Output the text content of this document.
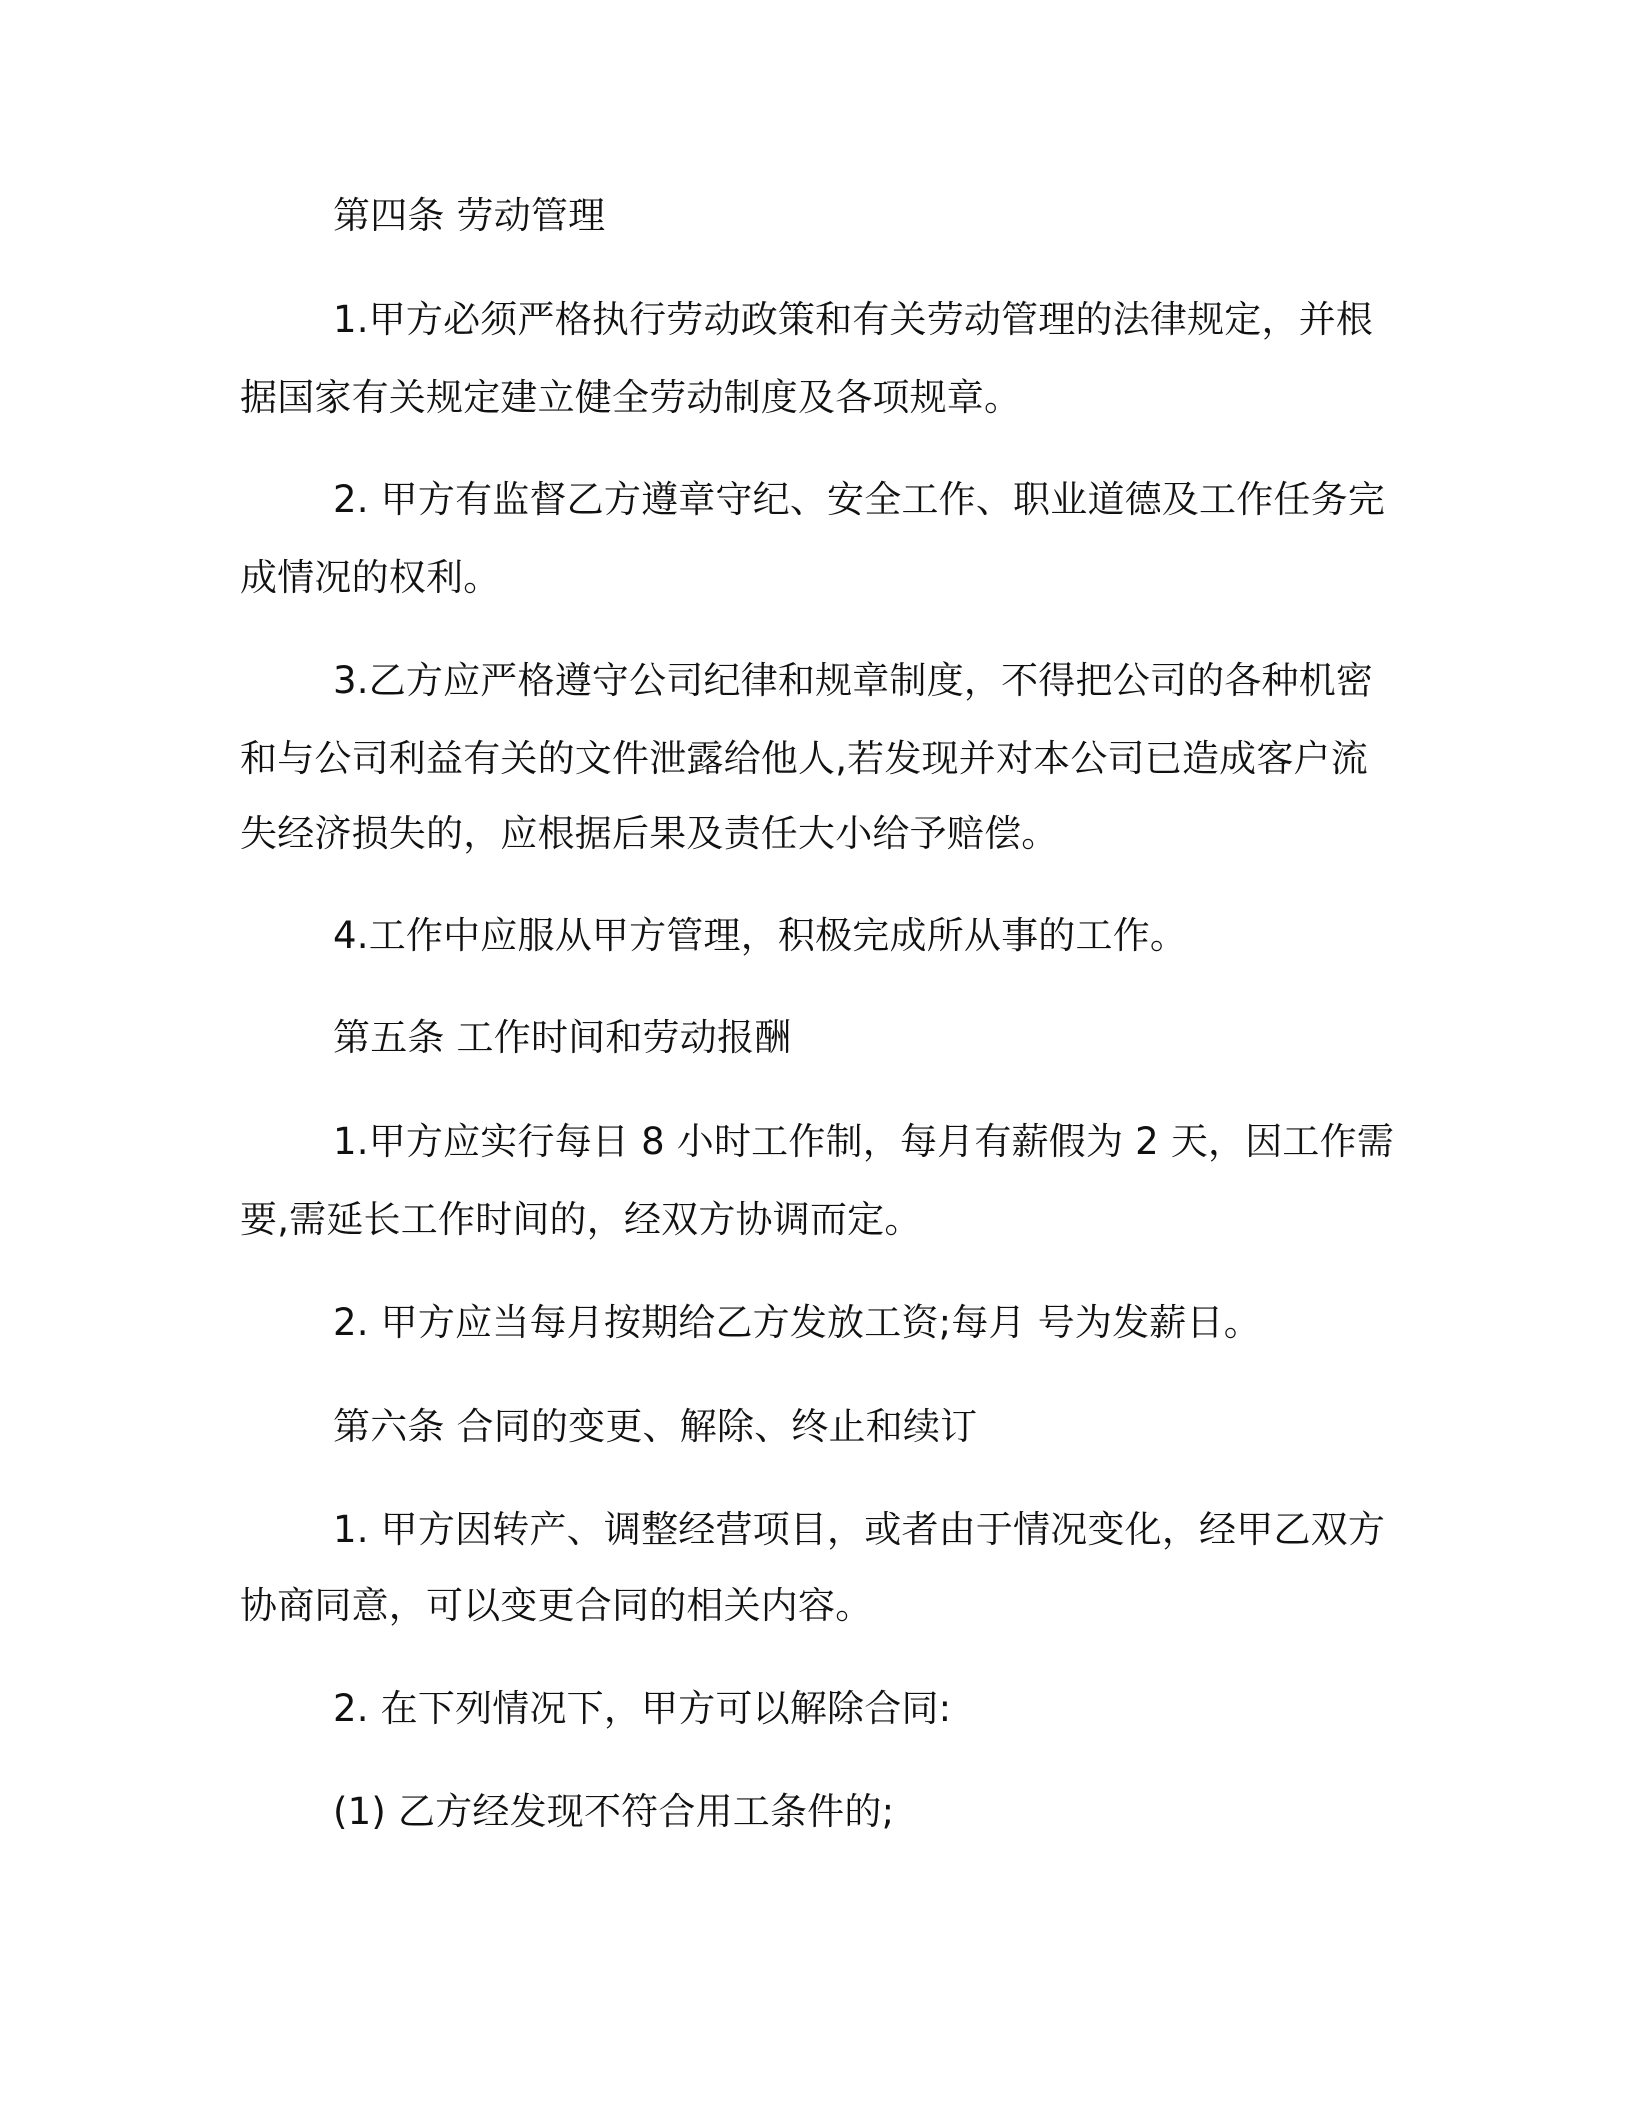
第四条 劳动管理
1.甲方必须严格执行劳动政策和有关劳动管理的法律规定，并根
据国家有关规定建立健全劳动制度及各项规章。
2. 甲方有监督乙方遵章守纪、安全工作、职业道德及工作任务完
成情况的权利。
3.乙方应严格遵守公司纪律和规章制度，不得把公司的各种机密
和与公司利益有关的文件泄露给他人,若发现并对本公司已造成客户流
失经济损失的，应根据后果及责任大小给予赔偿。
4.工作中应服从甲方管理，积极完成所从事的工作。
第五条 工作时间和劳动报酬
1.甲方应实行每日 8 小时工作制，每月有薪假为 2 天，因工作需
要,需延长工作时间的，经双方协调而定。
2. 甲方应当每月按期给乙方发放工资;每月 号为发薪日。
第六条 合同的变更、解除、终止和续订
1. 甲方因转产、调整经营项目，或者由于情况变化，经甲乙双方
协商同意，可以变更合同的相关内容。
2. 在下列情况下，甲方可以解除合同:
(1) 乙方经发现不符合用工条件的;
